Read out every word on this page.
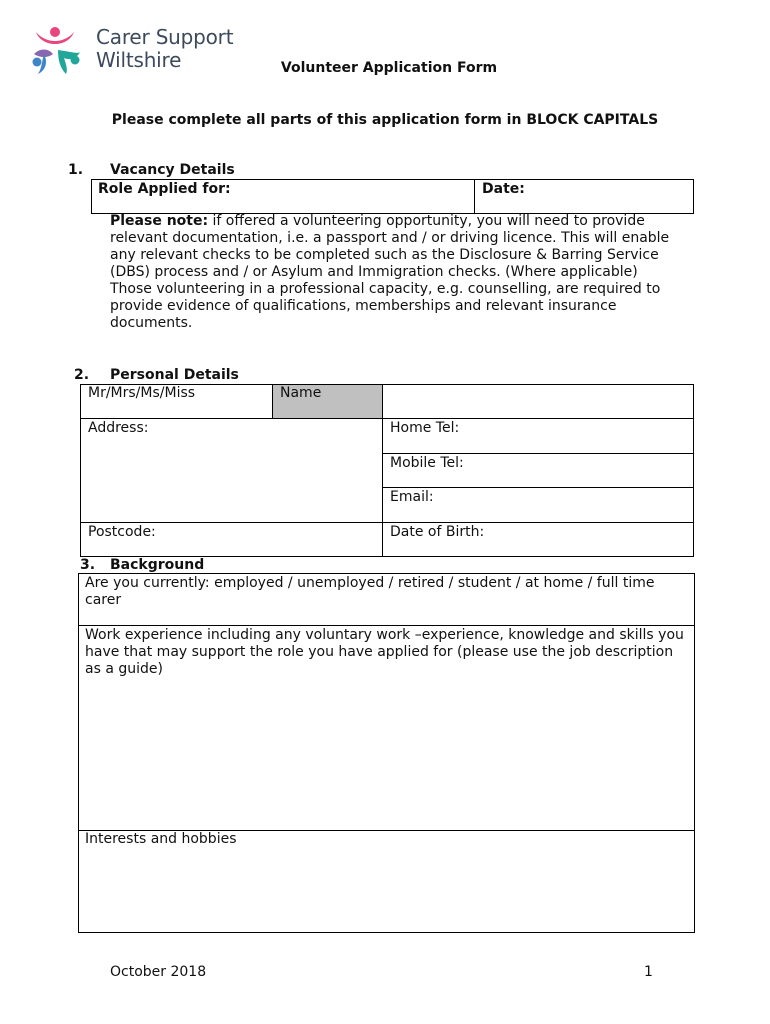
Carer Support
Wiltshire	Volunteer Application Form
Please complete all parts of this application form in BLOCK CAPITALS
1. Vacancy Details
Role Applied for:	Date:

Please note: if offered a volunteering opportunity, you will need to provide relevant documentation, i.e. a passport and / or driving licence. This will enable any relevant checks to be completed such as the Disclosure & Barring Service (DBS) process and / or Asylum and Immigration checks. (Where applicable)

Those volunteering in a professional capacity, e.g. counselling, are required to provide evidence of qualifications, memberships and relevant insurance documents.

2. Personal Details
Mr/Mrs/Ms/Miss	Name
Address:	Home Tel:
Mobile Tel:
Email:
Postcode:	Date of Birth:
3. Background
Are you currently: employed / unemployed / retired / student / at home / full time carer
Work experience including any voluntary work –experience, knowledge and skills you have that may support the role you have applied for (please use the job description as a guide)
Interests and hobbies
October 2018	1
